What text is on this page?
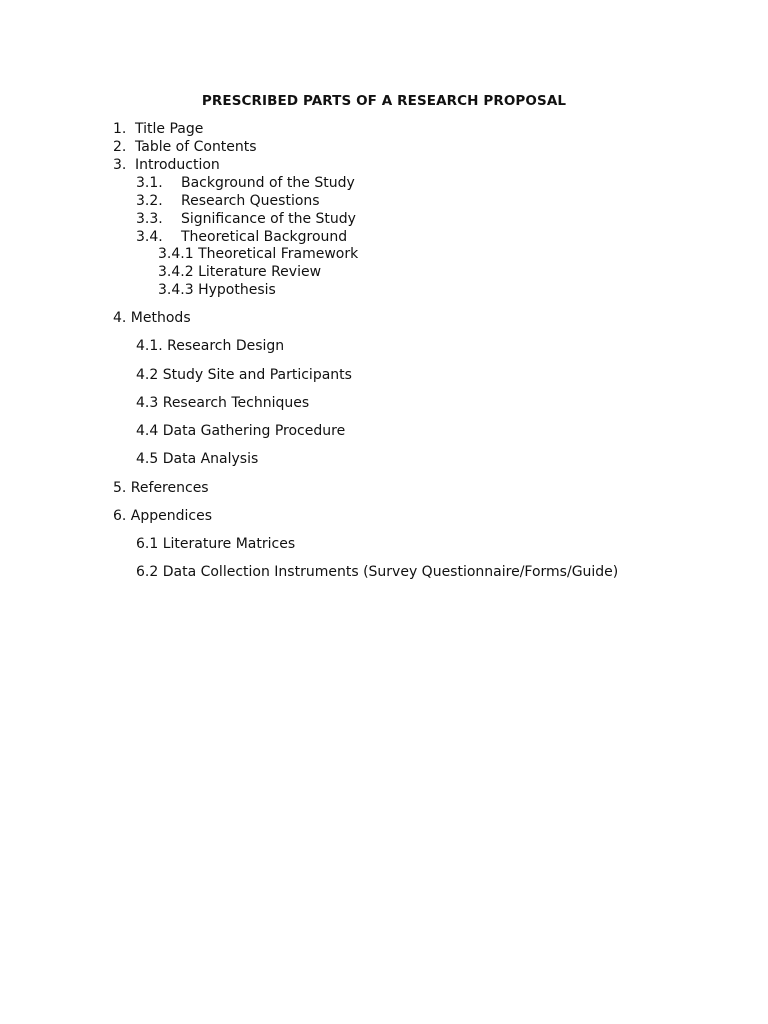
PRESCRIBED PARTS OF A RESEARCH PROPOSAL
1. Title Page
2. Table of Contents
3. Introduction
3.1. Background of the Study
3.2. Research Questions
3.3. Significance of the Study
3.4. Theoretical Background
3.4.1 Theoretical Framework
3.4.2 Literature Review
3.4.3 Hypothesis
4. Methods
4.1. Research Design
4.2 Study Site and Participants
4.3 Research Techniques
4.4 Data Gathering Procedure
4.5 Data Analysis
5. References
6. Appendices
6.1 Literature Matrices
6.2 Data Collection Instruments (Survey Questionnaire/Forms/Guide)
